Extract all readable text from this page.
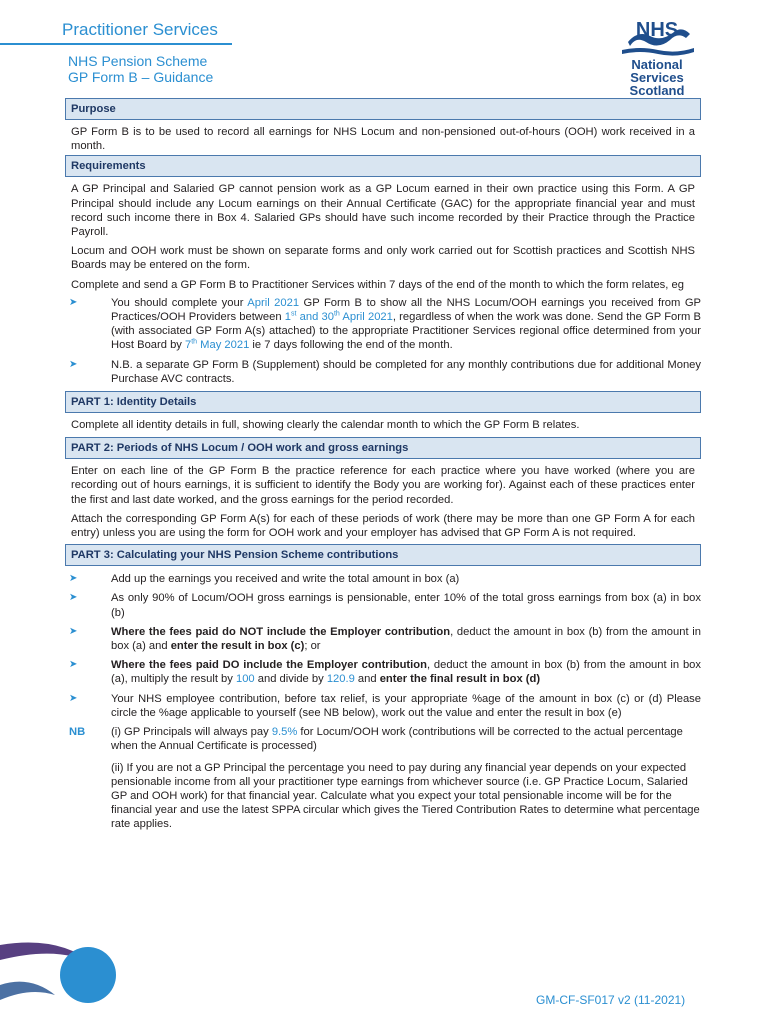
Practitioner Services
NHS Pension Scheme
GP Form B – Guidance
NHS
National
Services
Scotland
Purpose

GP Form B is to be used to record all earnings for NHS Locum and non-pensioned out-of-hours (OOH) work received in a month.

Requirements

A GP Principal and Salaried GP cannot pension work as a GP Locum earned in their own practice using this Form. A GP Principal should include any Locum earnings on their Annual Certificate (GAC) for the appropriate financial year and must record such income there in Box 4. Salaried GPs should have such income recorded by their Practice through the Practice Payroll.

Locum and OOH work must be shown on separate forms and only work carried out for Scottish practices and Scottish NHS Boards may be entered on the form.

Complete and send a GP Form B to Practitioner Services within 7 days of the end of the month to which the form relates, eg

➤	You should complete your April 2021 GP Form B to show all the NHS Locum/OOH earnings you received from GP Practices/OOH Providers between 1st and 30th April 2021, regardless of when the work was done. Send the GP Form B (with associated GP Form A(s) attached) to the appropriate Practitioner Services regional office determined from your Host Board by 7th May 2021 ie 7 days following the end of the month.
➤	N.B. a separate GP Form B (Supplement) should be completed for any monthly contributions due for additional Money Purchase AVC contracts.
PART 1: Identity Details

Complete all identity details in full, showing clearly the calendar month to which the GP Form B relates.

PART 2: Periods of NHS Locum / OOH work and gross earnings

Enter on each line of the GP Form B the practice reference for each practice where you have worked (where you are recording out of hours earnings, it is sufficient to identify the Body you are working for). Against each of these practices enter the first and last date worked, and the gross earnings for the period recorded.

Attach the corresponding GP Form A(s) for each of these periods of work (there may be more than one GP Form A for each entry) unless you are using the form for OOH work and your employer has advised that GP Form A is not required.

PART 3: Calculating your NHS Pension Scheme contributions
➤	Add up the earnings you received and write the total amount in box (a)
➤	As only 90% of Locum/OOH gross earnings is pensionable, enter 10% of the total gross earnings from box (a) in box (b)
➤	Where the fees paid do NOT include the Employer contribution, deduct the amount in box (b) from the amount in box (a) and enter the result in box (c); or
➤	Where the fees paid DO include the Employer contribution, deduct the amount in box (b) from the amount in box (a), multiply the result by 100 and divide by 120.9 and enter the final result in box (d)
➤	Your NHS employee contribution, before tax relief, is your appropriate %age of the amount in box (c) or (d) Please circle the %age applicable to yourself (see NB below), work out the value and enter the result in box (e)
NB	(i) GP Principals will always pay 9.5% for Locum/OOH work (contributions will be corrected to the actual percentage when the Annual Certificate is processed)

(ii) If you are not a GP Principal the percentage you need to pay during any financial year depends on your expected pensionable income from all your practitioner type earnings from whichever source (i.e. GP Practice Locum, Salaried GP and OOH work) for that financial year. Calculate what you expect your total pensionable income will be for the financial year and use the latest SPPA circular which gives the Tiered Contribution Rates to determine what percentage rate applies.

GM-CF-SF017 v2 (11-2021)
